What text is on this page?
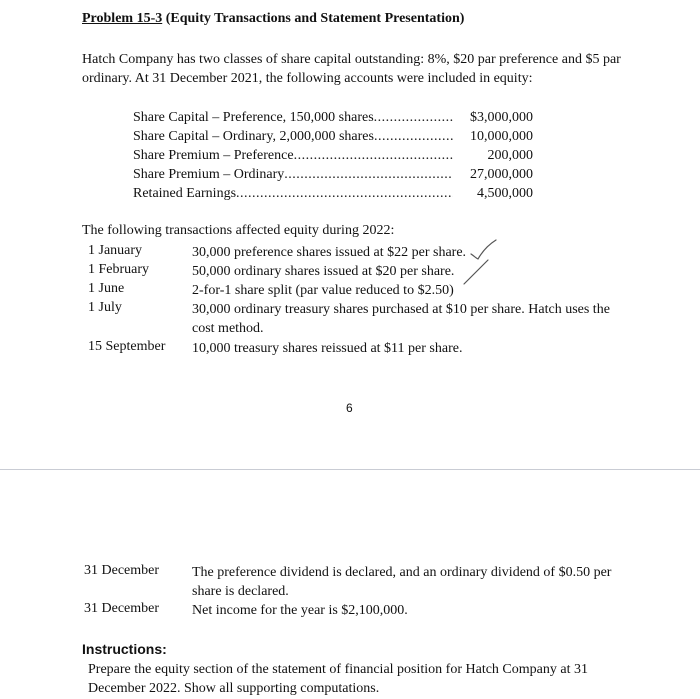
Problem 15-3 (Equity Transactions and Statement Presentation)
Hatch Company has two classes of share capital outstanding: 8%, $20 par preference and $5 par ordinary. At 31 December 2021, the following accounts were included in equity:
Share Capital – Preference, 150,000 shares .....	$3,000,000
Share Capital – Ordinary, 2,000,000 shares .....	10,000,000
Share Premium – Preference .....	200,000
Share Premium – Ordinary .....	27,000,000
Retained Earnings .....	4,500,000
The following transactions affected equity during 2022:
1 January	30,000 preference shares issued at $22 per share.
1 February	50,000 ordinary shares issued at $20 per share.
1 June	2-for-1 share split (par value reduced to $2.50)
1 July	30,000 ordinary treasury shares purchased at $10 per share. Hatch uses the cost method.
15 September 10,000 treasury shares reissued at $11 per share.
6
31 December The preference dividend is declared, and an ordinary dividend of $0.50 per share is declared.
31 December Net income for the year is $2,100,000.
Instructions:
Prepare the equity section of the statement of financial position for Hatch Company at 31 December 2022. Show all supporting computations.
